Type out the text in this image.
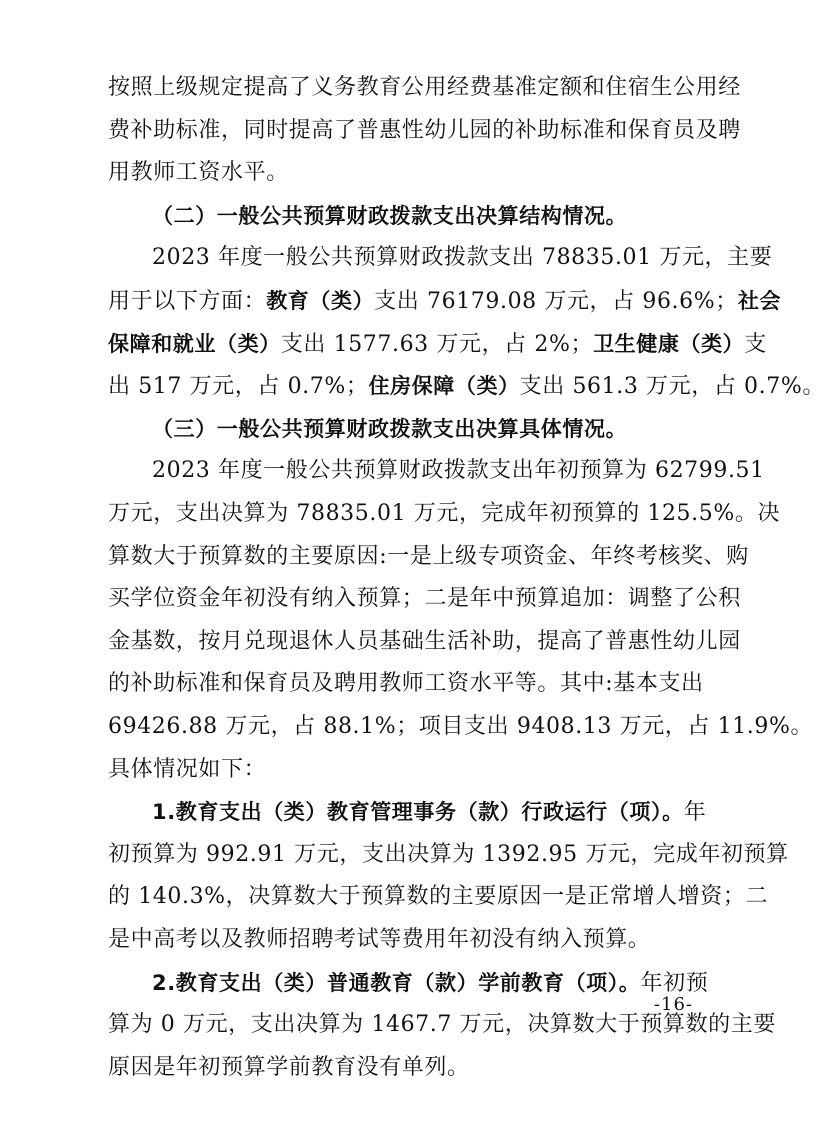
按照上级规定提高了义务教育公用经费基准定额和住宿生公用经
费补助标准，同时提高了普惠性幼儿园的补助标准和保育员及聘
用教师工资水平。
（二）一般公共预算财政拨款支出决算结构情况。
2023 年度一般公共预算财政拨款支出 78835.01 万元，主要
用于以下方面：教育（类）支出 76179.08 万元，占 96.6%；社会
保障和就业（类）支出 1577.63 万元，占 2%；卫生健康（类）支
出 517 万元，占 0.7%；住房保障（类）支出 561.3 万元，占 0.7%。
（三）一般公共预算财政拨款支出决算具体情况。
2023 年度一般公共预算财政拨款支出年初预算为 62799.51
万元，支出决算为 78835.01 万元，完成年初预算的 125.5%。决
算数大于预算数的主要原因:一是上级专项资金、年终考核奖、购
买学位资金年初没有纳入预算；二是年中预算追加：调整了公积
金基数，按月兑现退休人员基础生活补助，提高了普惠性幼儿园
的补助标准和保育员及聘用教师工资水平等。其中:基本支出
69426.88 万元，占 88.1%；项目支出 9408.13 万元，占 11.9%。
具体情况如下：
1.教育支出（类）教育管理事务（款）行政运行（项）。年
初预算为 992.91 万元，支出决算为 1392.95 万元，完成年初预算
的 140.3%，决算数大于预算数的主要原因一是正常增人增资；二
是中高考以及教师招聘考试等费用年初没有纳入预算。
2.教育支出（类）普通教育（款）学前教育（项）。年初预
算为 0 万元，支出决算为 1467.7 万元，决算数大于预算数的主要
原因是年初预算学前教育没有单列。
-16-
